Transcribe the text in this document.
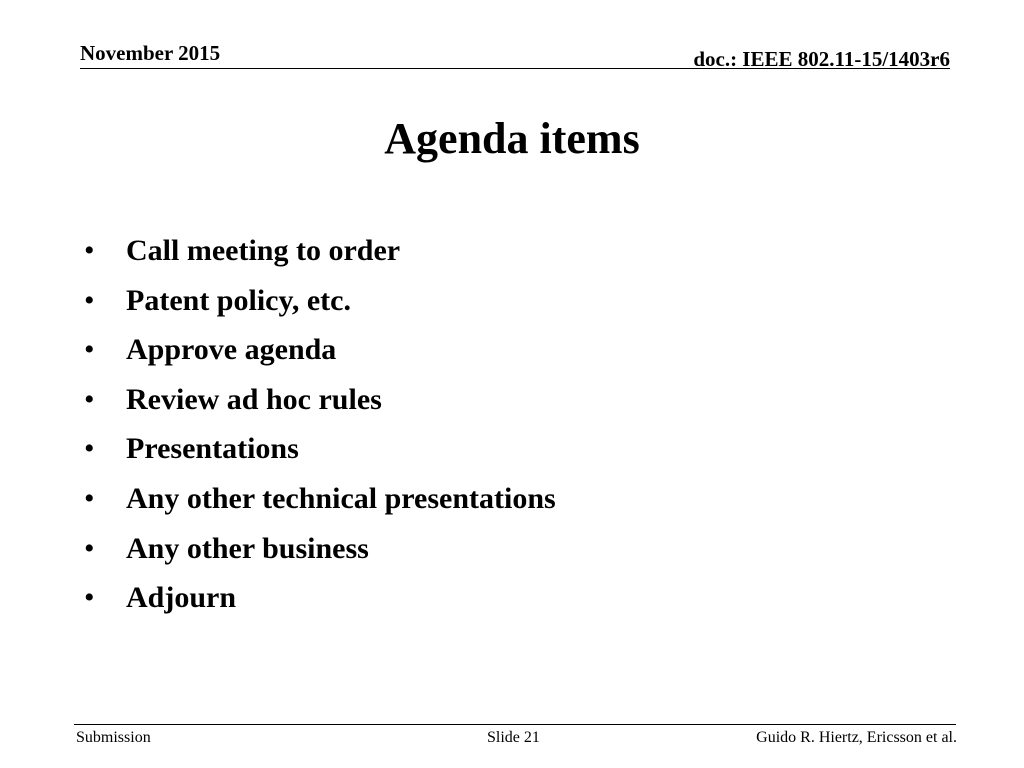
November 2015	doc.: IEEE 802.11-15/1403r6
Agenda items
•	Call meeting to order
•	Patent policy, etc.
•	Approve agenda
•	Review ad hoc rules
•	Presentations
•	Any other technical presentations
•	Any other business
•	Adjourn
Submission	Slide 21	Guido R. Hiertz, Ericsson et al.
